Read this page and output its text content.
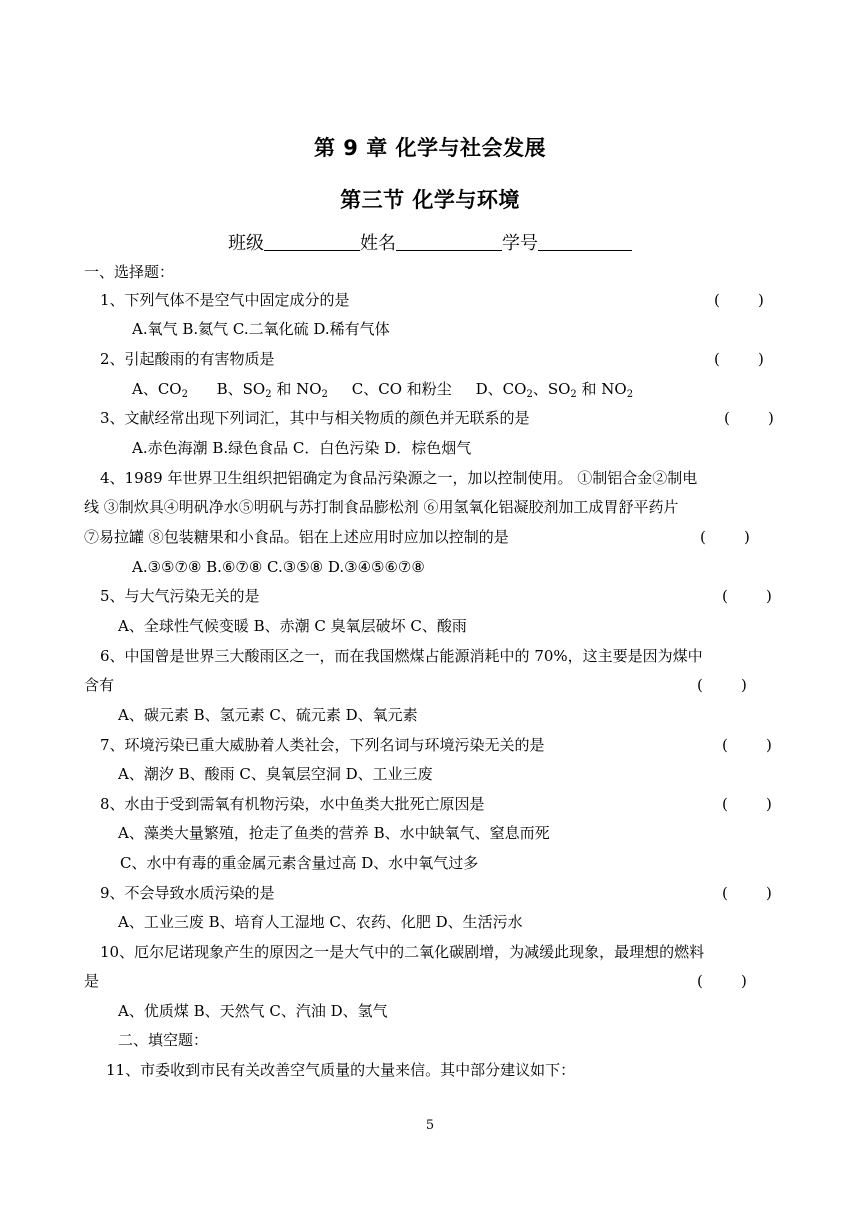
第 9 章 化学与社会发展
第三节 化学与环境
班级	姓名	学号
一、选择题：
1、下列气体不是空气中固定成分的是	(        )
A.氧气 B.氦气 C.二氧化硫 D.稀有气体
2、引起酸雨的有害物质是	(        )
A、$CO_2$      B、$SO_2$ 和 $NO_2$     C、CO 和粉尘     D、$CO_2$、$SO_2$ 和 $NO_2$
3、文献经常出现下列词汇，其中与相关物质的颜色并无联系的是	(        )
A.赤色海潮 B.绿色食品 C．白色污染 D．棕色烟气
4、1989 年世界卫生组织把铝确定为食品污染源之一，加以控制使用。 ①制铝合金②制电
线 ③制炊具④明矾净水⑤明矾与苏打制食品膨松剂 ⑥用氢氧化铝凝胶剂加工成胃舒平药片
⑦易拉罐 ⑧包装糖果和小食品。铝在上述应用时应加以控制的是	(        )
A.③⑤⑦⑧ B.⑥⑦⑧ C.③⑤⑧ D.③④⑤⑥⑦⑧
5、与大气污染无关的是	(        )
A、全球性气候变暖 B、赤潮 C 臭氧层破坏 C、酸雨
6、中国曾是世界三大酸雨区之一，而在我国燃煤占能源消耗中的 70%，这主要是因为煤中
含有	(        )
A、碳元素 B、氢元素 C、硫元素 D、氧元素
7、环境污染已重大威胁着人类社会，下列名词与环境污染无关的是	(        )
A、潮汐 B、酸雨 C、臭氧层空洞 D、工业三废
8、水由于受到需氧有机物污染，水中鱼类大批死亡原因是	(        )
A、藻类大量繁殖，抢走了鱼类的营养 B、水中缺氧气、窒息而死
C、水中有毒的重金属元素含量过高 D、水中氧气过多
9、不会导致水质污染的是	(        )
A、工业三废 B、培育人工湿地 C、农药、化肥 D、生活污水
10、厄尔尼诺现象产生的原因之一是大气中的二氧化碳剧增，为减缓此现象，最理想的燃料
是	(        )
A、优质煤 B、天然气 C、汽油 D、氢气
二、填空题：
11、市委收到市民有关改善空气质量的大量来信。其中部分建议如下：
5
